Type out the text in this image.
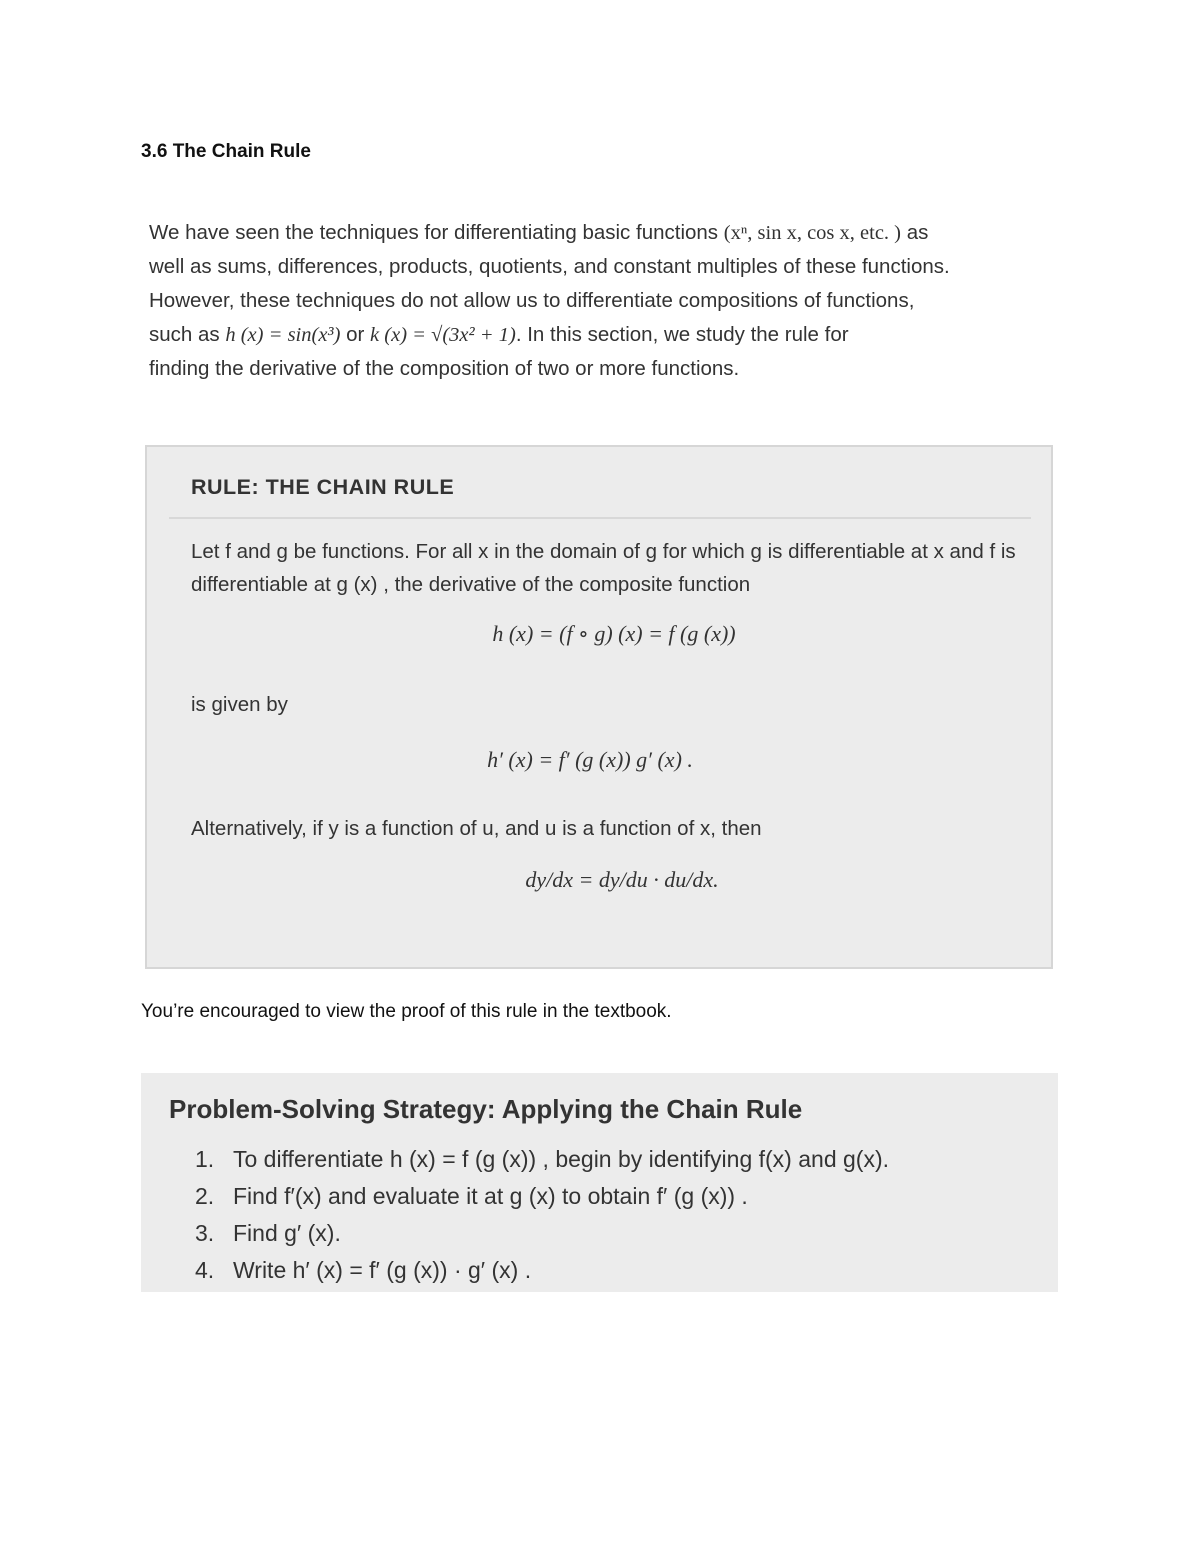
3.6 The Chain Rule
We have seen the techniques for differentiating basic functions (xⁿ, sin x, cos x, etc. ) as
well as sums, differences, products, quotients, and constant multiples of these functions.
However, these techniques do not allow us to differentiate compositions of functions,
such as h (x) = sin(x³) or k (x) = √(3x² + 1). In this section, we study the rule for
finding the derivative of the composition of two or more functions.
RULE: THE CHAIN RULE
Let f and g be functions. For all x in the domain of g for which g is differentiable at x and f is differentiable at g (x) , the derivative of the composite function
h (x) = (f ∘ g) (x) = f (g (x))
is given by
h′ (x) = f′ (g (x)) g′ (x) .
Alternatively, if y is a function of u, and u is a function of x, then
dy/dx = dy/du · du/dx.
You’re encouraged to view the proof of this rule in the textbook.
Problem-Solving Strategy: Applying the Chain Rule
1. To differentiate h (x) = f (g (x)) , begin by identifying f(x) and g(x).
2. Find f′(x) and evaluate it at g (x) to obtain f′ (g (x)) .
3. Find g′ (x).
4. Write h′ (x) = f′ (g (x)) · g′ (x) .
